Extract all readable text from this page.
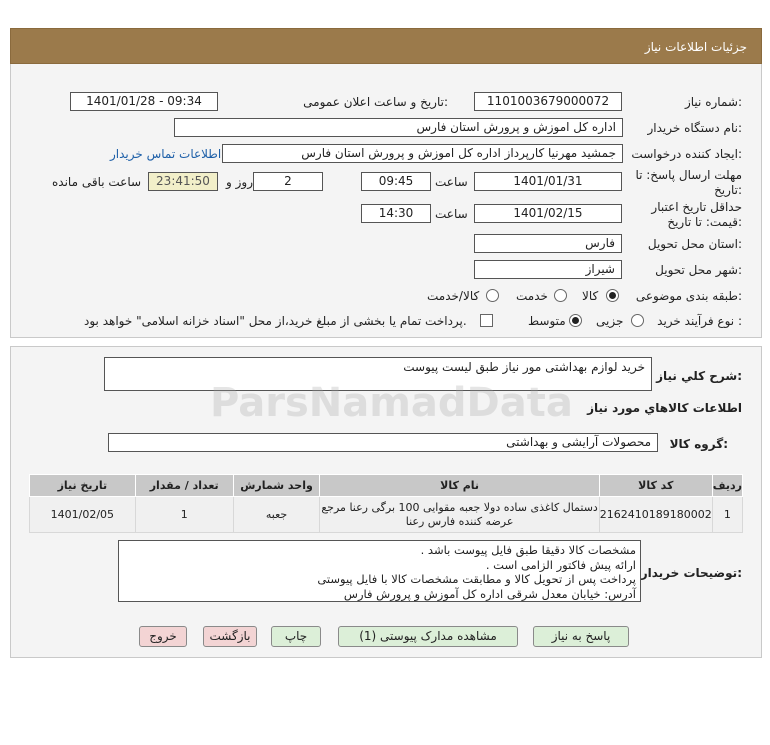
جزئیات اطلاعات نیاز
شماره نیاز:
1101003679000072
تاریخ و ساعت اعلان عمومی:
1401/01/28 - 09:34
نام دستگاه خریدار:
اداره کل اموزش و پرورش استان فارس
ایجاد کننده درخواست:
جمشید مهرنیا کارپرداز اداره کل اموزش و پرورش استان فارس
اطلاعات تماس خریدار
مهلت ارسال پاسخ: تا تاریخ:
1401/01/31
ساعت
09:45
2
روز و
23:41:50
ساعت باقی مانده
حداقل تاریخ اعتبار قیمت: تا تاریخ:
1401/02/15
ساعت
14:30
استان محل تحویل:
فارس
شهر محل تحویل:
شیراز
طبقه بندی موضوعی:
کالا
خدمت
کالا/خدمت
نوع فرآیند خرید :
جزیی
متوسط
پرداخت تمام یا بخشی از مبلغ خرید،از محل "اسناد خزانه اسلامی" خواهد بود.
شرح کلي نياز:
خرید لوازم بهداشتی مور نیاز طبق لیست پیوست
اطلاعات کالاهاي مورد نياز
گروه کالا:
محصولات آرایشی و بهداشتی
ردیف	کد کالا	نام کالا	واحد شمارش	تعداد / مقدار	تاریخ نیاز
1	2162410189180002	دستمال کاغذی ساده دولا جعبه مقوایی 100 برگی رعنا مرجع
عرضه کننده فارس رعنا	جعبه	1	1401/02/05
توضیحات خریدار:
مشخصات کالا دقیقا طبق فایل پیوست باشد .
ارائه پیش فاکتور الزامی است .
پرداخت پس از تحویل کالا و مطابقت مشخصات کالا با فایل پیوستی
آدرس: خیابان معدل شرقی اداره کل آموزش و پرورش فارس
ParsNamadData
پاسخ به نیاز
مشاهده مدارک پیوستی (1)
چاپ
بازگشت
خروج
